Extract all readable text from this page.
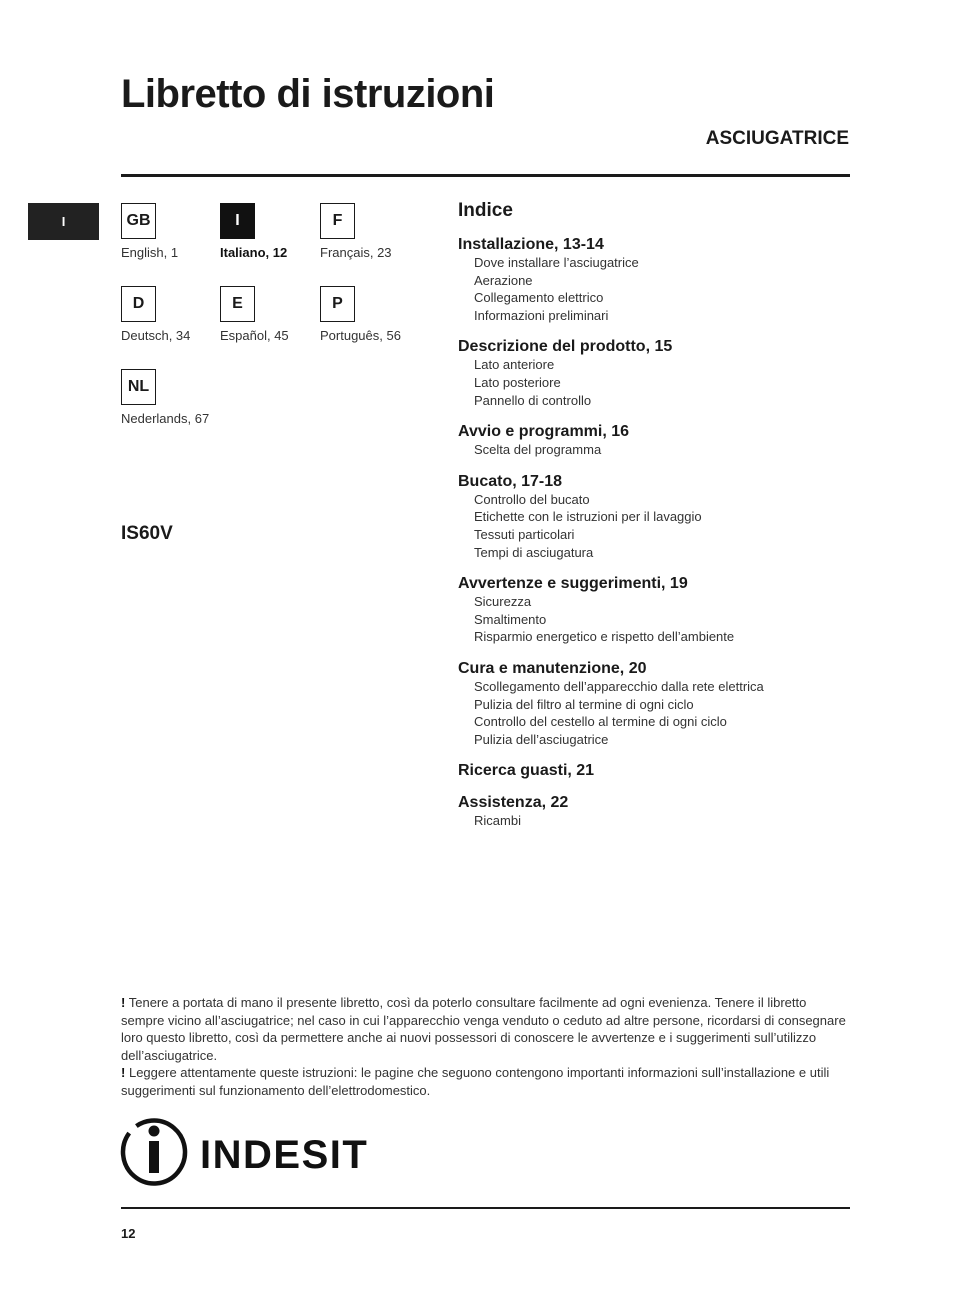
Libretto di istruzioni
ASCIUGATRICE
I	GB
English, 1
I
Italiano, 12
F
Français, 23
D
Deutsch, 34
E
Español, 45
P
Português, 56
NL
Nederlands, 67
IS60V
Indice
Installazione, 13-14
Dove installare l’asciugatrice
Aerazione
Collegamento elettrico
Informazioni preliminari
Descrizione del prodotto, 15
Lato anteriore
Lato posteriore
Pannello di controllo
Avvio e programmi, 16
Scelta del programma
Bucato, 17-18
Controllo del bucato
Etichette con le istruzioni per il lavaggio
Tessuti particolari
Tempi di asciugatura
Avvertenze e suggerimenti, 19
Sicurezza
Smaltimento
Risparmio energetico e rispetto dell’ambiente
Cura e manutenzione, 20
Scollegamento dell’apparecchio dalla rete elettrica
Pulizia del filtro al termine di ogni ciclo
Controllo del cestello al termine di ogni ciclo
Pulizia dell’asciugatrice
Ricerca guasti, 21
Assistenza, 22
Ricambi

! Tenere a portata di mano il presente libretto, così da poterlo consultare facilmente ad ogni evenienza. Tenere il libretto sempre vicino all’asciugatrice; nel caso in cui l’apparecchio venga venduto o ceduto ad altre persone, ricordarsi di consegnare loro questo libretto, così da permettere anche ai nuovi possessori di conoscere le avvertenze e i suggerimenti sull’utilizzo dell’asciugatrice.

! Leggere attentamente queste istruzioni: le pagine che seguono contengono importanti informazioni sull’installazione e utili suggerimenti sul funzionamento dell’elettrodomestico.

INDESIT
12
